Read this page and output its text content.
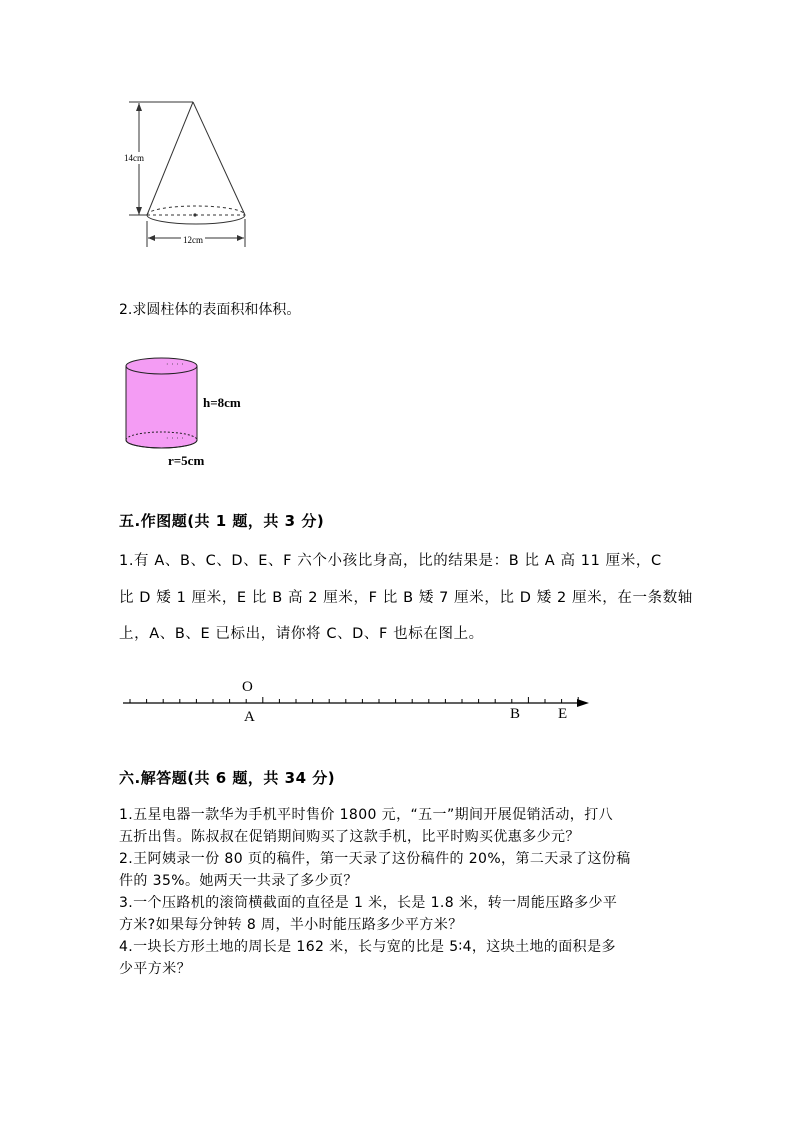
14cm
12cm
2.求圆柱体的表面积和体积。
· · · ·
· · · ·
h=8cm
r=5cm
五.作图题(共 1 题，共 3 分)
1.有 A、B、C、D、E、F 六个小孩比身高，比的结果是：B 比 A 高 11 厘米，C
比 D 矮 1 厘米，E 比 B 高 2 厘米，F 比 B 矮 7 厘米，比 D 矮 2 厘米，在一条数轴
上，A、B、E 已标出，请你将 C、D、F 也标在图上。
O
A	B	E
六.解答题(共 6 题，共 34 分)
1.五星电器一款华为手机平时售价 1800 元，“五一”期间开展促销活动，打八
五折出售。陈叔叔在促销期间购买了这款手机，比平时购买优惠多少元？
2.王阿姨录一份 80 页的稿件，第一天录了这份稿件的 20%，第二天录了这份稿
件的 35%。她两天一共录了多少页？
3.一个压路机的滚筒横截面的直径是 1 米，长是 1.8 米，转一周能压路多少平
方米?如果每分钟转 8 周，半小时能压路多少平方米？
4.一块长方形土地的周长是 162 米，长与宽的比是 5∶4，这块土地的面积是多
少平方米？
